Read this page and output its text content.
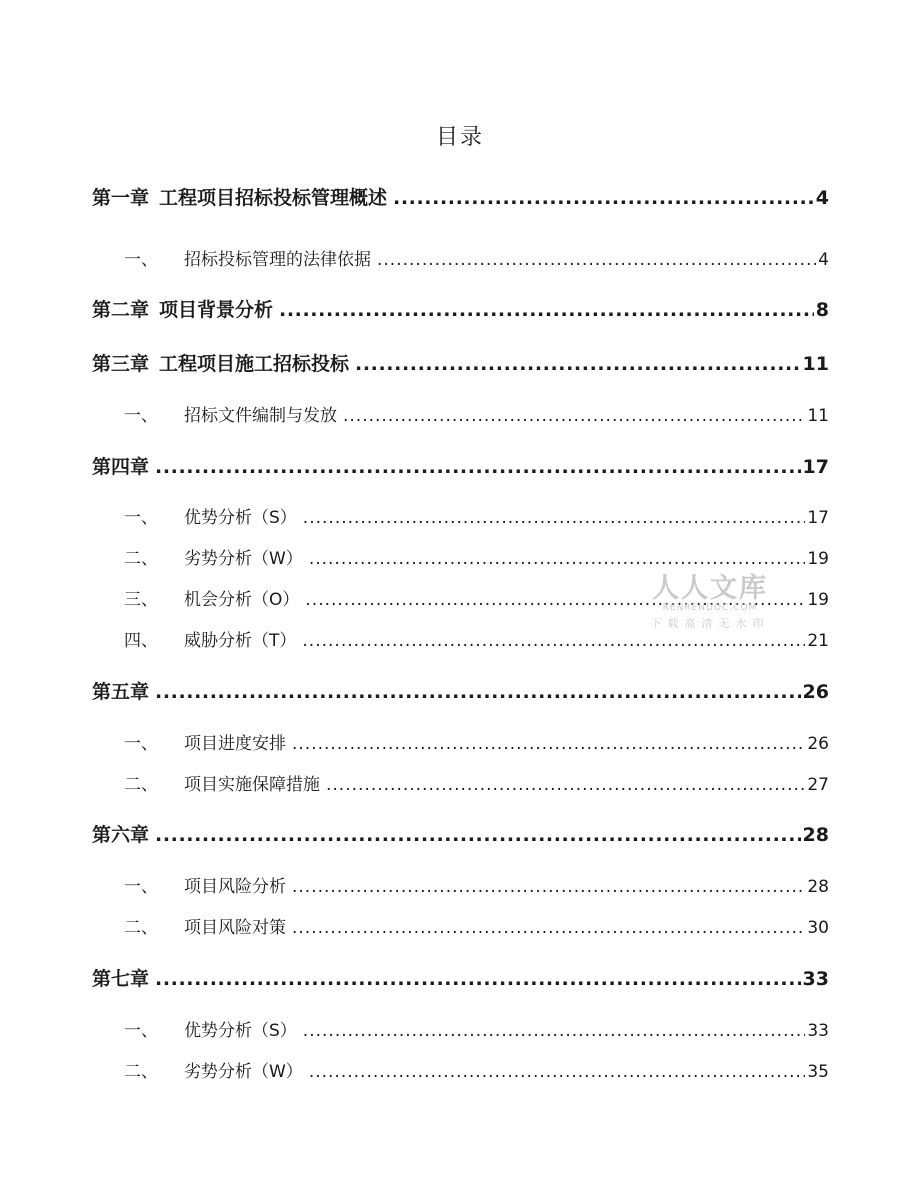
目录
第一章 工程项目招标投标管理概述 .....	4
一、 招标投标管理的法律依据 .....	4
第二章 项目背景分析 .....	8
第三章 工程项目施工招标投标 .....	11
一、 招标文件编制与发放 .....	11
第四章 .....	17
一、 优势分析（S） .....	17
二、 劣势分析（W） .....	19
三、 机会分析（O） .....	19
四、 威胁分析（T） .....	21
第五章 .....	26
一、 项目进度安排 .....	26
二、 项目实施保障措施 .....	27
第六章 .....	28
一、 项目风险分析 .....	28
二、 项目风险对策 .....	30
第七章 .....	33
一、 优势分析（S） .....	33
二、 劣势分析（W） .....	35
人人文库
RENRENDOC.COM
下载高清无水印
